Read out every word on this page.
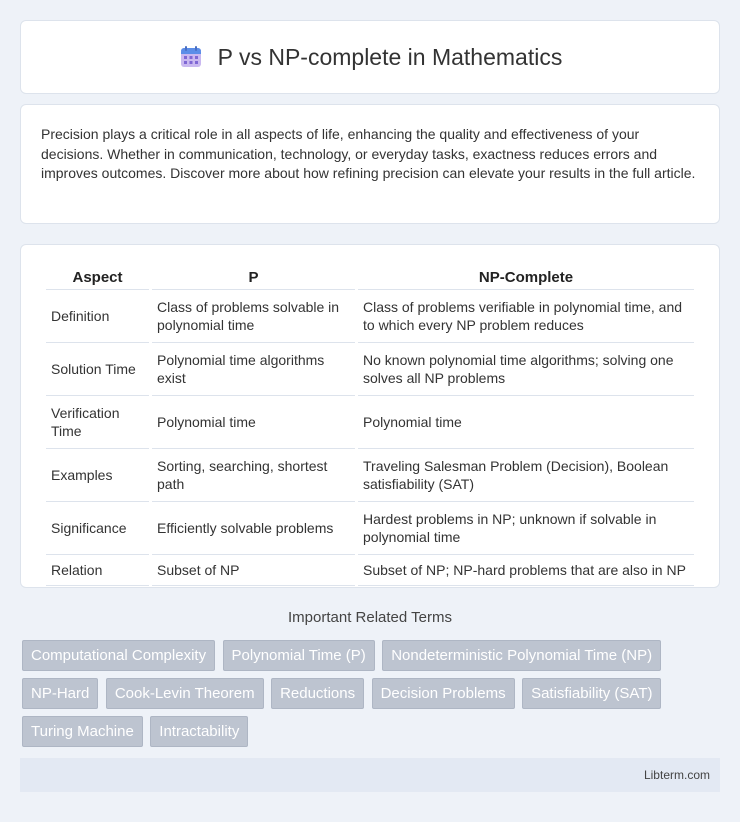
P vs NP-complete in Mathematics

Precision plays a critical role in all aspects of life, enhancing the quality and effectiveness of your decisions. Whether in communication, technology, or everyday tasks, exactness reduces errors and improves outcomes. Discover more about how refining precision can elevate your results in the full article.

Aspect	P	NP-Complete
Definition	Class of problems solvable in polynomial time	Class of problems verifiable in polynomial time, and to which every NP problem reduces
Solution Time	Polynomial time algorithms exist	No known polynomial time algorithms; solving one solves all NP problems
Verification Time	Polynomial time	Polynomial time
Examples	Sorting, searching, shortest path	Traveling Salesman Problem (Decision), Boolean satisfiability (SAT)
Significance	Efficiently solvable problems	Hardest problems in NP; unknown if solvable in polynomial time
Relation	Subset of NP	Subset of NP; NP-hard problems that are also in NP
Important Related Terms
Computational Complexity Polynomial Time (P) Nondeterministic Polynomial Time (NP) NP-Hard Cook-Levin Theorem Reductions Decision Problems Satisfiability (SAT) Turing Machine Intractability
Libterm.com
